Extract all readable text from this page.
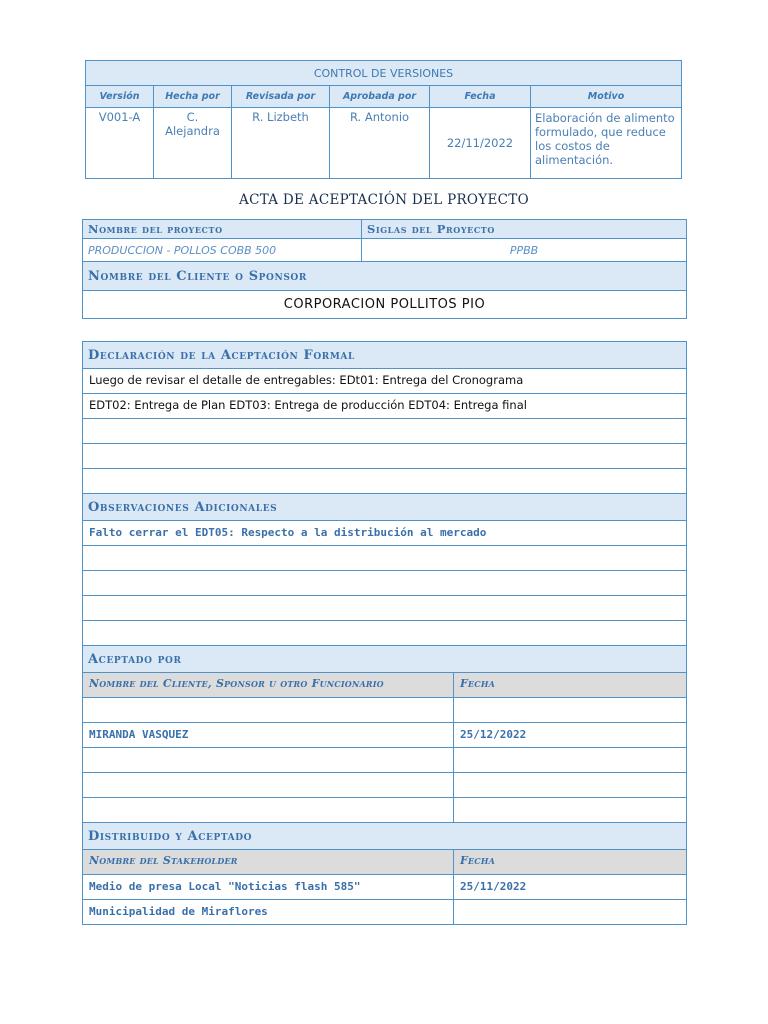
CONTROL DE VERSIONES					
Versión	Hecha por	Revisada por	Aprobada por	Fecha	Motivo
V001-A	C. Alejandra	R. Lizbeth	R. Antonio	22/11/2022	Elaboración de alimento formulado, que reduce los costos de alimentación.
ACTA DE ACEPTACIÓN DEL PROYECTO
Nombre del proyecto	Siglas del Proyecto
PRODUCCION - POLLOS COBB 500	PPBB
Nombre del Cliente o Sponsor	
CORPORACION POLLITOS PIO	
Declaración de la Aceptación Formal	
Luego de revisar el detalle de entregables: EDt01: Entrega del Cronograma	
EDT02: Entrega de Plan EDT03: Entrega de producción EDT04: Entrega final	

Observaciones Adicionales	
Falto cerrar el EDT05: Respecto a la distribución al mercado	

Aceptado por	
Nombre del Cliente, Sponsor u otro Funcionario	Fecha

MIRANDA VASQUEZ	25/12/2022

Distribuido y Aceptado	
Nombre del Stakeholder	Fecha
Medio de presa Local "Noticias flash 585"	25/11/2022
Municipalidad de Miraflores	
